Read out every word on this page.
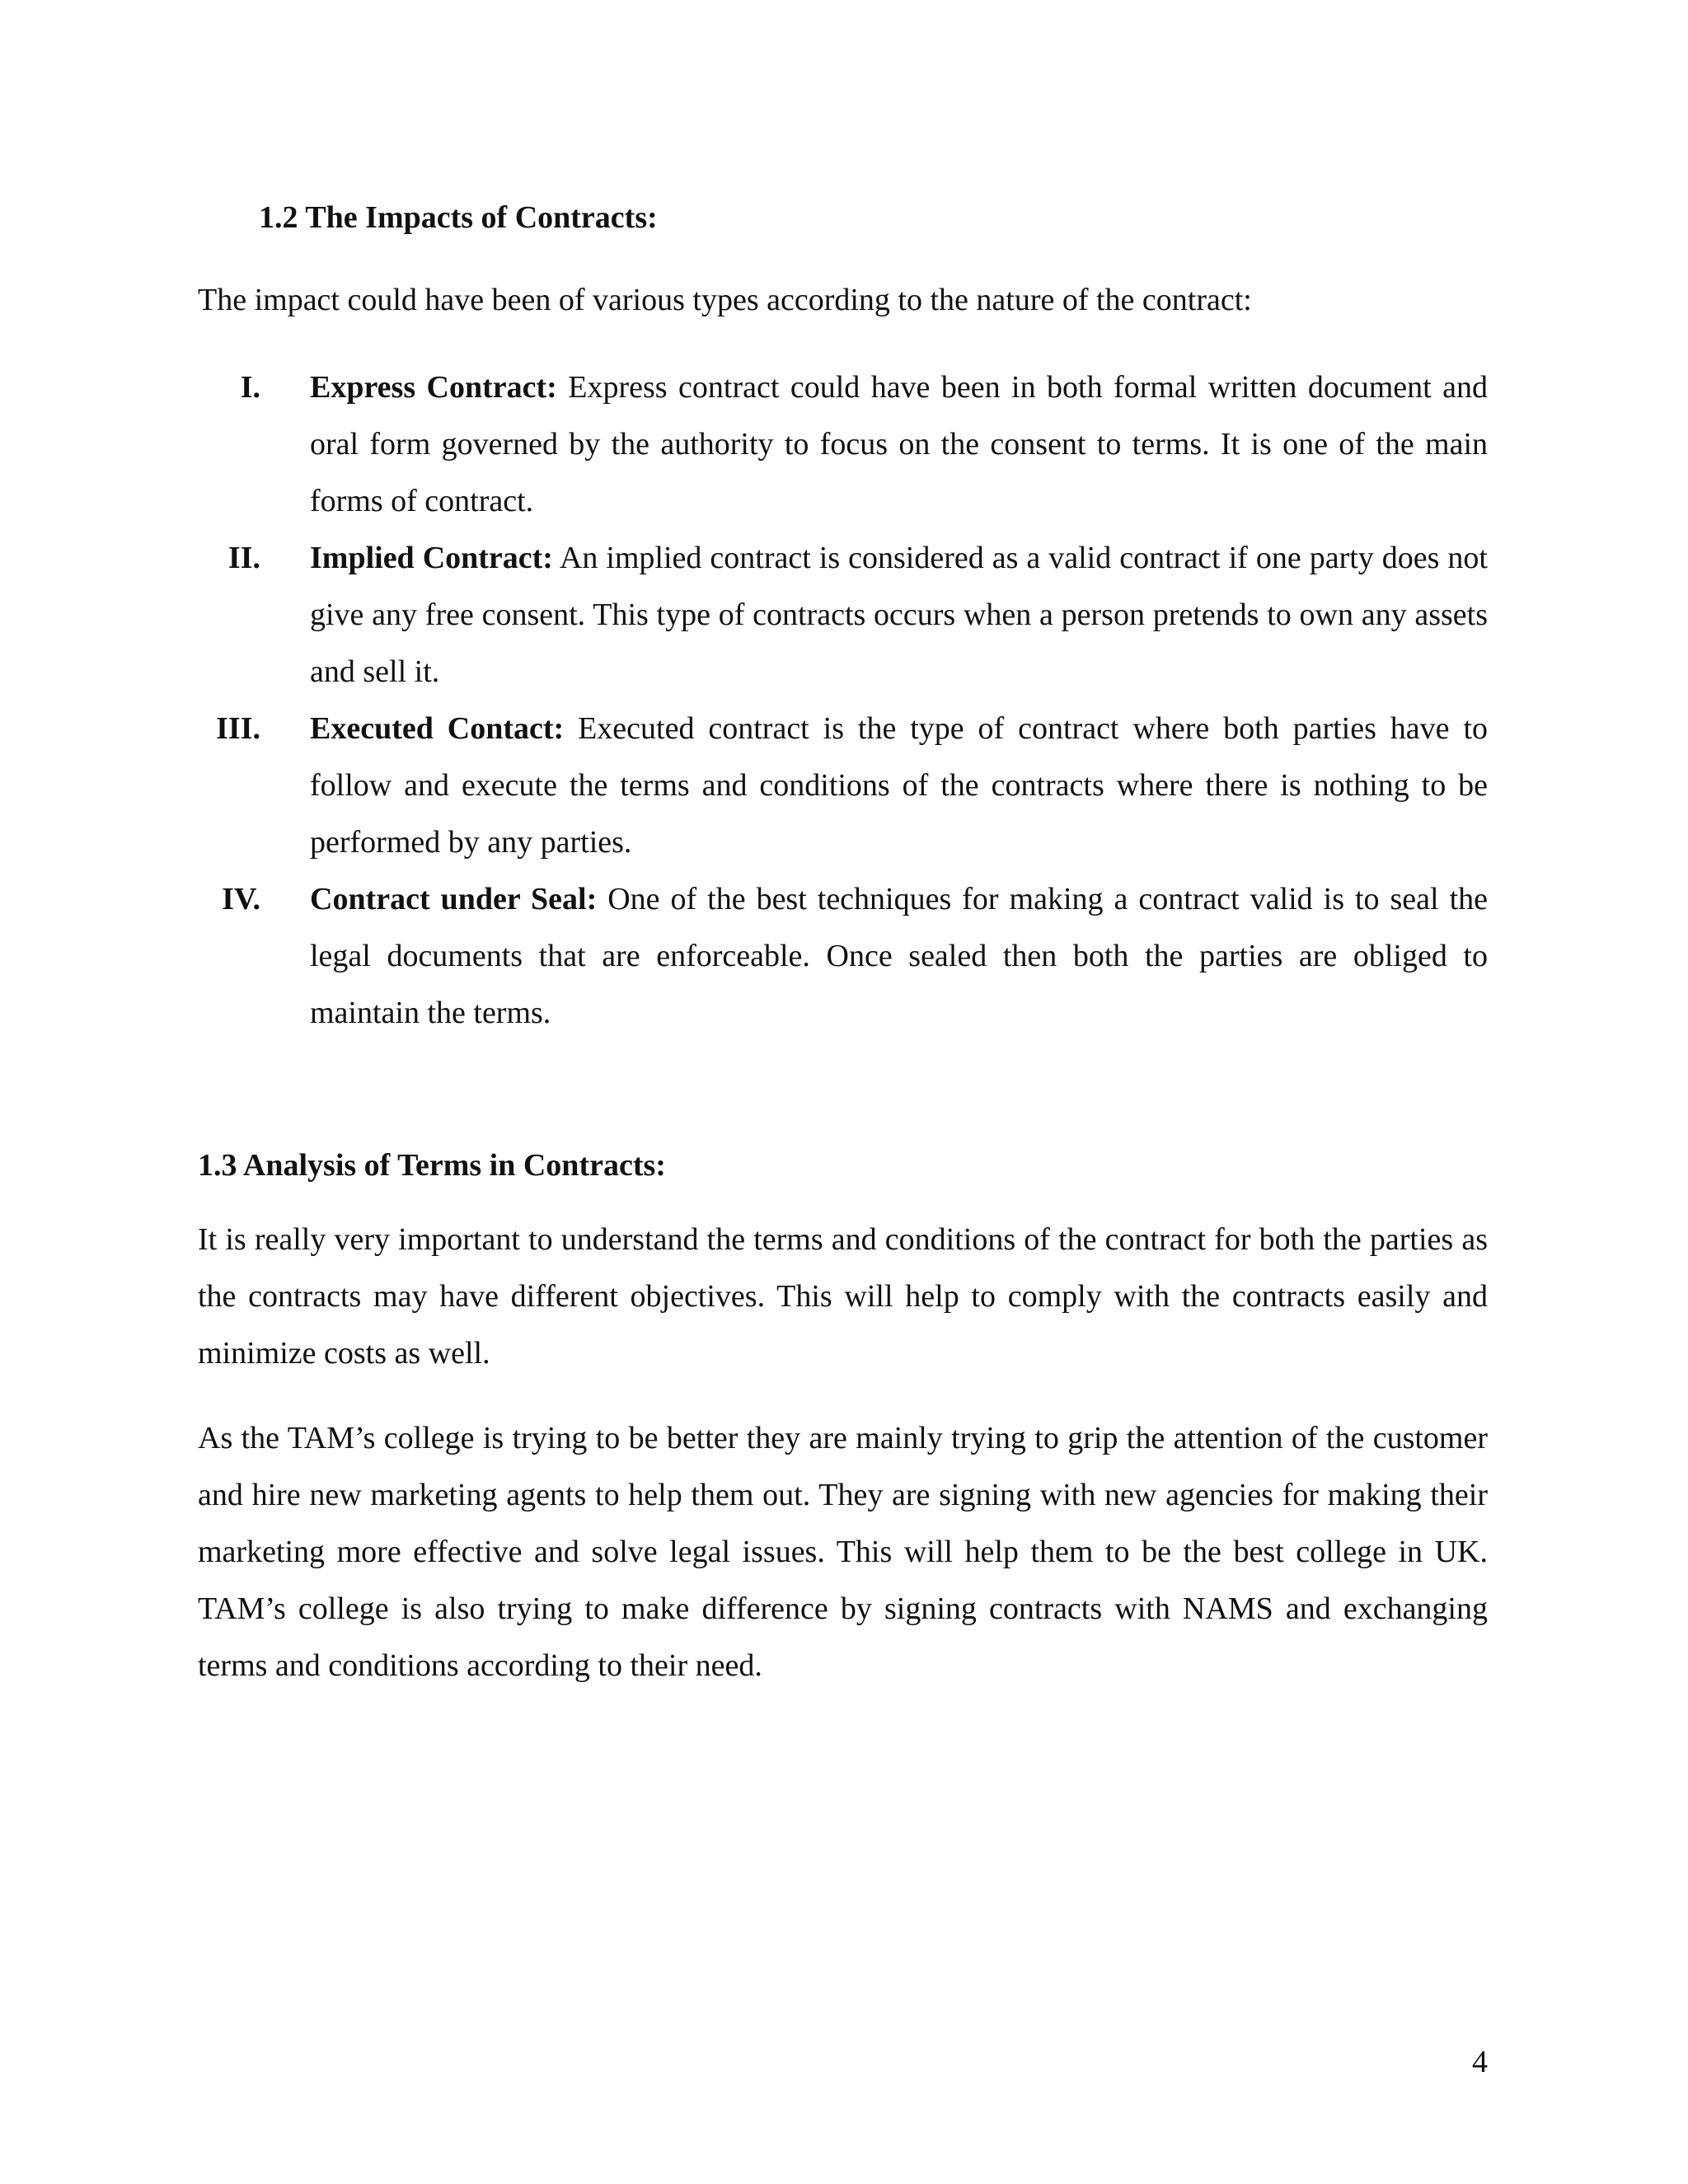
1.2 The Impacts of Contracts:
The impact could have been of various types according to the nature of the contract:
I. Express Contract: Express contract could have been in both formal written document and oral form governed by the authority to focus on the consent to terms. It is one of the main forms of contract.
II. Implied Contract: An implied contract is considered as a valid contract if one party does not give any free consent. This type of contracts occurs when a person pretends to own any assets and sell it.
III. Executed Contact: Executed contract is the type of contract where both parties have to follow and execute the terms and conditions of the contracts where there is nothing to be performed by any parties.
IV. Contract under Seal: One of the best techniques for making a contract valid is to seal the legal documents that are enforceable. Once sealed then both the parties are obliged to maintain the terms.
1.3 Analysis of Terms in Contracts:

It is really very important to understand the terms and conditions of the contract for both the parties as the contracts may have different objectives. This will help to comply with the contracts easily and minimize costs as well.

As the TAM’s college is trying to be better they are mainly trying to grip the attention of the customer and hire new marketing agents to help them out. They are signing with new agencies for making their marketing more effective and solve legal issues. This will help them to be the best college in UK. TAM’s college is also trying to make difference by signing contracts with NAMS and exchanging terms and conditions according to their need.

4
